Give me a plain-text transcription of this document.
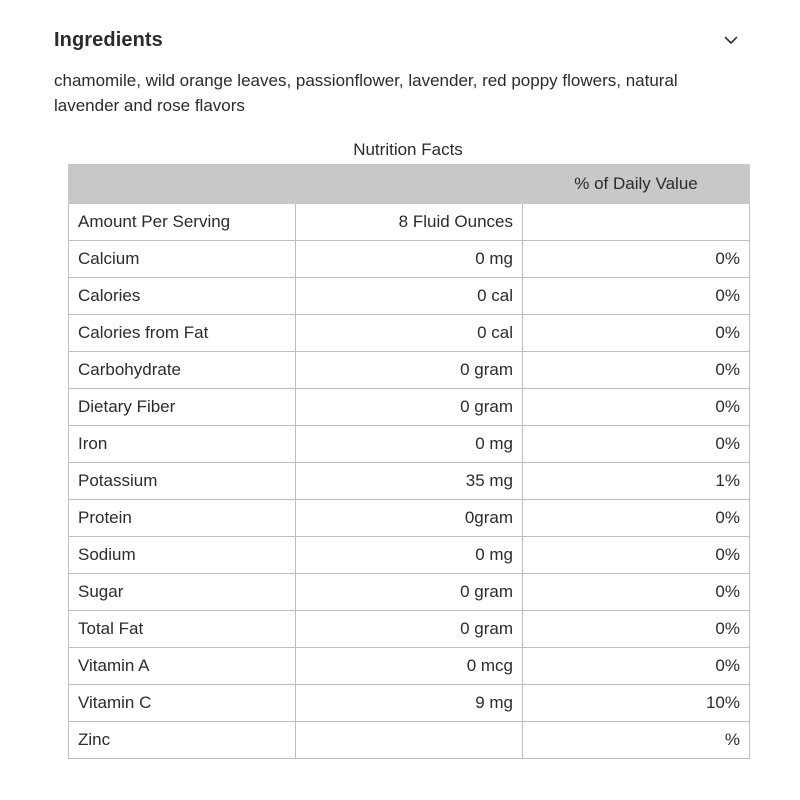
Ingredients
chamomile, wild orange leaves, passionflower, lavender, red poppy flowers, natural lavender and rose flavors
Nutrition Facts
		% of Daily Value
Amount Per Serving	8 Fluid Ounces	
Calcium	0 mg	0%
Calories	0 cal	0%
Calories from Fat	0 cal	0%
Carbohydrate	0 gram	0%
Dietary Fiber	0 gram	0%
Iron	0 mg	0%
Potassium	35 mg	1%
Protein	0gram	0%
Sodium	0 mg	0%
Sugar	0 gram	0%
Total Fat	0 gram	0%
Vitamin A	0 mcg	0%
Vitamin C	9 mg	10%
Zinc		%
